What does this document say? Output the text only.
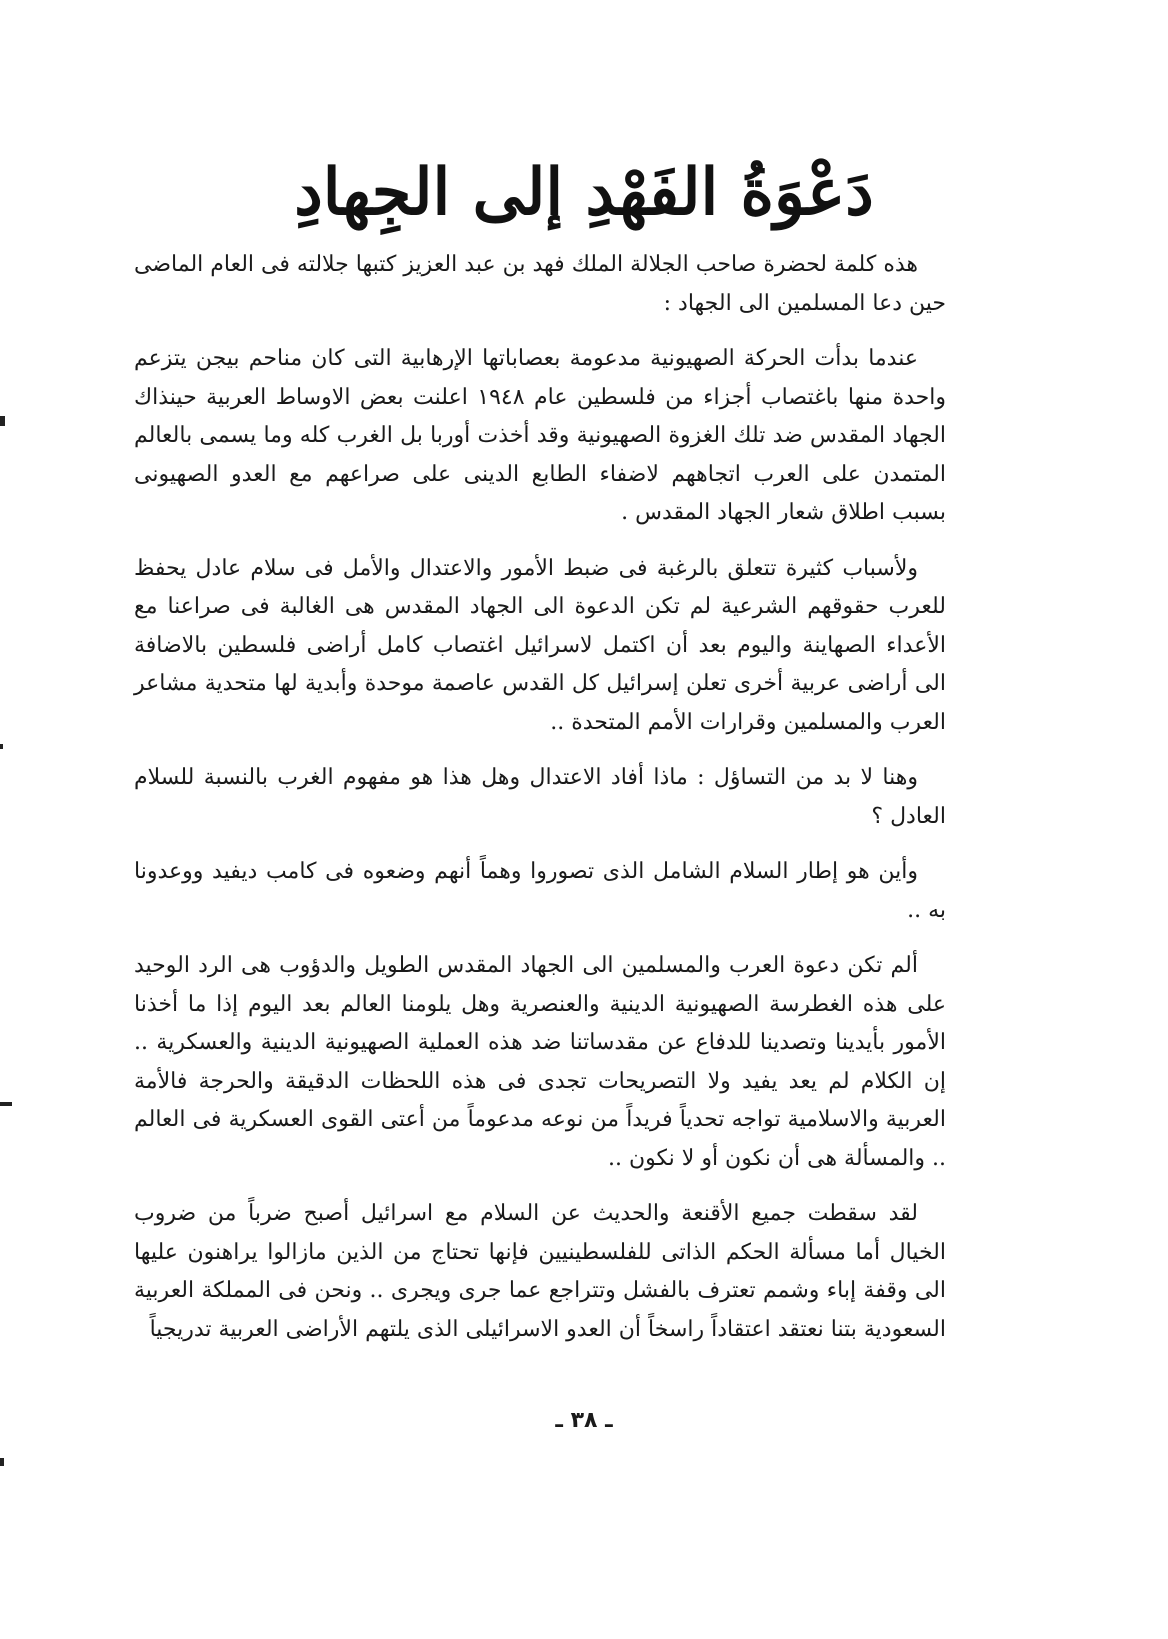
دَعْوَةُ الفَهْدِ إلى الجِهادِ

هذه كلمة لحضرة صاحب الجلالة الملك فهد بن عبد العزيز كتبها جلالته فى العام الماضى حين دعا المسلمين الى الجهاد :

عندما بدأت الحركة الصهيونية مدعومة بعصاباتها الإرهابية التى كان مناحم بيجن يتزعم واحدة منها باغتصاب أجزاء من فلسطين عام ١٩٤٨ اعلنت بعض الاوساط العربية حينذاك الجهاد المقدس ضد تلك الغزوة الصهيونية وقد أخذت أوربا بل الغرب كله وما يسمى بالعالم المتمدن على العرب اتجاههم لاضفاء الطابع الدينى على صراعهم مع العدو الصهيونى بسبب اطلاق شعار الجهاد المقدس .

ولأسباب كثيرة تتعلق بالرغبة فى ضبط الأمور والاعتدال والأمل فى سلام عادل يحفظ للعرب حقوقهم الشرعية لم تكن الدعوة الى الجهاد المقدس هى الغالبة فى صراعنا مع الأعداء الصهاينة واليوم بعد أن اكتمل لاسرائيل اغتصاب كامل أراضى فلسطين بالاضافة الى أراضى عربية أخرى تعلن إسرائيل كل القدس عاصمة موحدة وأبدية لها متحدية مشاعر العرب والمسلمين وقرارات الأمم المتحدة ..

وهنا لا بد من التساؤل : ماذا أفاد الاعتدال وهل هذا هو مفهوم الغرب بالنسبة للسلام العادل ؟

وأين هو إطار السلام الشامل الذى تصوروا وهماً أنهم وضعوه فى كامب ديفيد ووعدونا به ..

ألم تكن دعوة العرب والمسلمين الى الجهاد المقدس الطويل والدؤوب هى الرد الوحيد على هذه الغطرسة الصهيونية الدينية والعنصرية وهل يلومنا العالم بعد اليوم إذا ما أخذنا الأمور بأيدينا وتصدينا للدفاع عن مقدساتنا ضد هذه العملية الصهيونية الدينية والعسكرية .. إن الكلام لم يعد يفيد ولا التصريحات تجدى فى هذه اللحظات الدقيقة والحرجة فالأمة العربية والاسلامية تواجه تحدياً فريداً من نوعه مدعوماً من أعتى القوى العسكرية فى العالم .. والمسألة هى أن نكون أو لا نكون ..

لقد سقطت جميع الأقنعة والحديث عن السلام مع اسرائيل أصبح ضرباً من ضروب الخيال أما مسألة الحكم الذاتى للفلسطينيين فإنها تحتاج من الذين مازالوا يراهنون عليها الى وقفة إباء وشمم تعترف بالفشل وتتراجع عما جرى ويجرى .. ونحن فى المملكة العربية السعودية بتنا نعتقد اعتقاداً راسخاً أن العدو الاسرائيلى الذى يلتهم الأراضى العربية تدريجياً

ـ ٣٨ ـ
